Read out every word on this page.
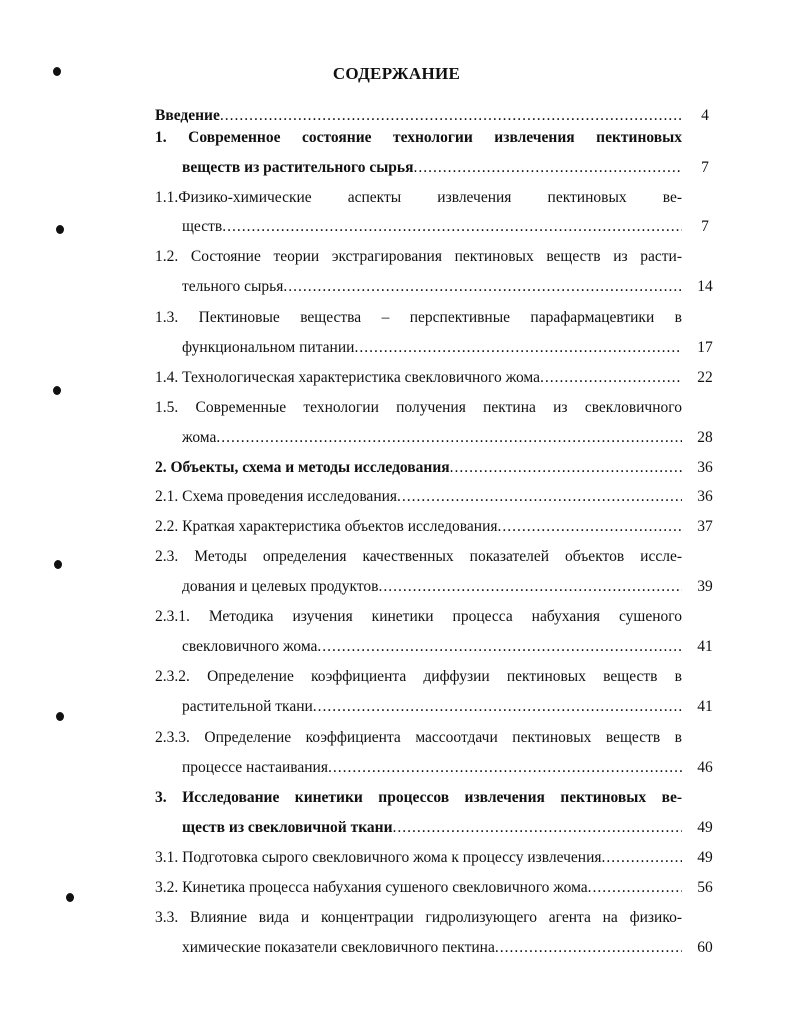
СОДЕРЖАНИЕ
Введение .....	4
1. Современное состояние технологии извлечения пектиновых
веществ из растительного сырья .....	7
1.1.Физико-химические аспекты извлечения пектиновых ве-
ществ .....	7
1.2. Состояние теории экстрагирования пектиновых веществ из расти-
тельного сырья .....	14
1.3. Пектиновые вещества – перспективные парафармацевтики в
функциональном питании .....	17
1.4. Технологическая характеристика свекловичного жома .....	22
1.5. Современные технологии получения пектина из свекловичного
жома .....	28
2. Объекты, схема и методы исследования .....	36
2.1. Схема проведения исследования .....	36
2.2. Краткая характеристика объектов исследования .....	37
2.3. Методы определения качественных показателей объектов иссле-
дования и целевых продуктов .....	39
2.3.1. Методика изучения кинетики процесса набухания сушеного
свекловичного жома .....	41
2.3.2. Определение коэффициента диффузии пектиновых веществ в
растительной ткани .....	41
2.3.3. Определение коэффициента массоотдачи пектиновых веществ в
процессе настаивания .....	46
3. Исследование кинетики процессов извлечения пектиновых ве-
ществ из свекловичной ткани .....	49
3.1. Подготовка сырого свекловичного жома к процессу извлечения .....	49
3.2. Кинетика процесса набухания сушеного свекловичного жома .....	56
3.3. Влияние вида и концентрации гидролизующего агента на физико-
химические показатели свекловичного пектина .....	60
